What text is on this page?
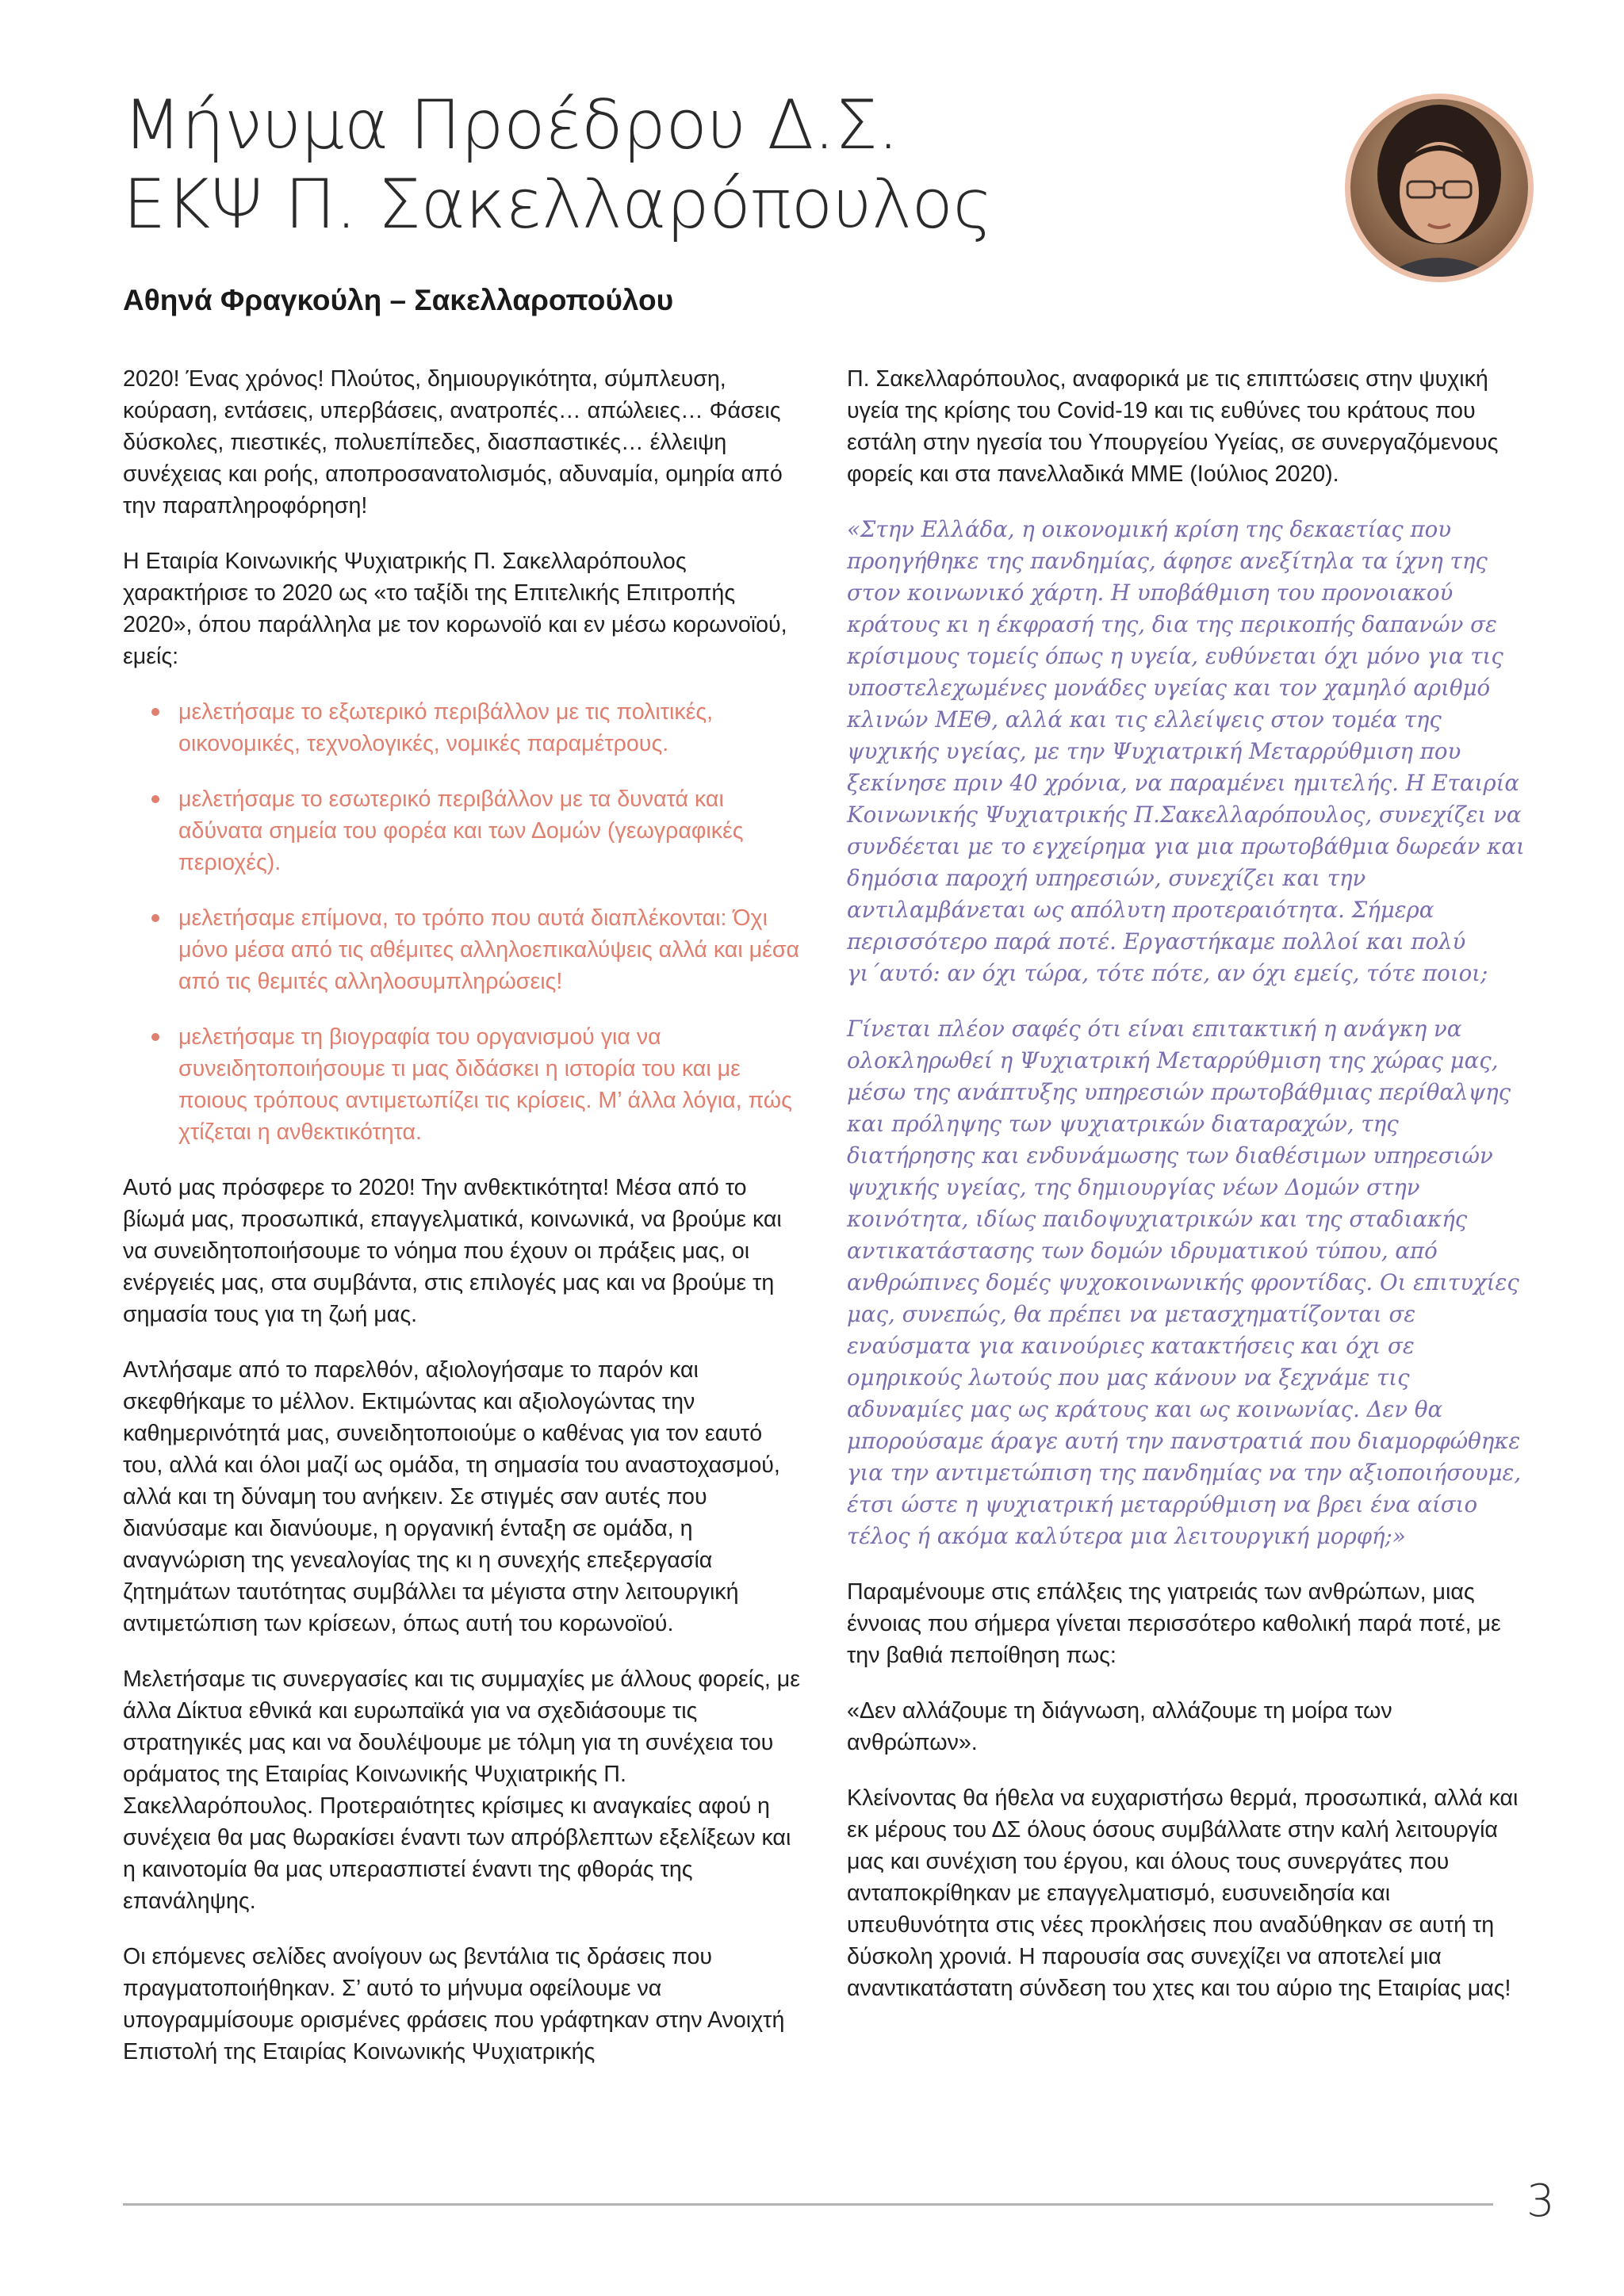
Μήνυμα Προέδρου Δ.Σ.
ΕΚΨ Π. Σακελλαρόπουλος
Αθηνά Φραγκούλη – Σακελλαροπούλου

2020! Ένας χρόνος! Πλούτος, δημιουργικότητα, σύμπλευση, κούραση, εντάσεις, υπερβάσεις, ανατροπές… απώλειες… Φάσεις δύσκολες, πιεστικές, πολυεπίπεδες, διασπαστικές… έλλειψη συνέχειας και ροής, αποπροσανατολισμός, αδυναμία, ομηρία από την παραπληροφόρηση!

Η Εταιρία Κοινωνικής Ψυχιατρικής Π. Σακελλαρόπουλος χαρακτήρισε το 2020 ως «το ταξίδι της Επιτελικής Επιτροπής 2020», όπου παράλληλα με τον κορωνοϊό και εν μέσω κορωνοϊού, εμείς:

μελετήσαμε το εξωτερικό περιβάλλον με τις πολιτικές, οικονομικές, τεχνολογικές, νομικές παραμέτρους.
μελετήσαμε το εσωτερικό περιβάλλον με τα δυνατά και αδύνατα σημεία του φορέα και των Δομών (γεωγραφικές περιοχές).
μελετήσαμε επίμονα, το τρόπο που αυτά διαπλέκονται: Όχι μόνο μέσα από τις αθέμιτες αλληλοεπικαλύψεις αλλά και μέσα από τις θεμιτές αλληλοσυμπληρώσεις!
μελετήσαμε τη βιογραφία του οργανισμού για να συνειδητοποιήσουμε τι μας διδάσκει η ιστορία του και με ποιους τρόπους αντιμετωπίζει τις κρίσεις. Μ’ άλλα λόγια, πώς χτίζεται η ανθεκτικότητα.

Αυτό μας πρόσφερε το 2020! Την ανθεκτικότητα! Μέσα από το βίωμά μας, προσωπικά, επαγγελματικά, κοινωνικά, να βρούμε και να συνειδητοποιήσουμε το νόημα που έχουν οι πράξεις μας, οι ενέργειές μας, στα συμβάντα, στις επιλογές μας και να βρούμε τη σημασία τους για τη ζωή μας.

Αντλήσαμε από το παρελθόν, αξιολογήσαμε το παρόν και σκεφθήκαμε το μέλλον. Εκτιμώντας και αξιολογώντας την καθημερινότητά μας, συνειδητοποιούμε ο καθένας για τον εαυτό του, αλλά και όλοι μαζί ως ομάδα, τη σημασία του αναστοχασμού, αλλά και τη δύναμη του ανήκειν. Σε στιγμές σαν αυτές που διανύσαμε και διανύουμε, η οργανική ένταξη σε ομάδα, η αναγνώριση της γενεαλογίας της κι η συνεχής επεξεργασία ζητημάτων ταυτότητας συμβάλλει τα μέγιστα στην λειτουργική αντιμετώπιση των κρίσεων, όπως αυτή του κορωνοϊού.

Μελετήσαμε τις συνεργασίες και τις συμμαχίες με άλλους φορείς, με άλλα Δίκτυα εθνικά και ευρωπαϊκά για να σχεδιάσουμε τις στρατηγικές μας και να δουλέψουμε με τόλμη για τη συνέχεια του οράματος της Εταιρίας Κοινωνικής Ψυχιατρικής Π. Σακελλαρόπουλος. Προτεραιότητες κρίσιμες κι αναγκαίες αφού η συνέχεια θα μας θωρακίσει έναντι των απρόβλεπτων εξελίξεων και η καινοτομία θα μας υπερασπιστεί έναντι της φθοράς της επανάληψης.

Οι επόμενες σελίδες ανοίγουν ως βεντάλια τις δράσεις που πραγματοποιήθηκαν. Σ’ αυτό το μήνυμα οφείλουμε να υπογραμμίσουμε ορισμένες φράσεις που γράφτηκαν στην Ανοιχτή Επιστολή της Εταιρίας Κοινωνικής Ψυχιατρικής

Π. Σακελλαρόπουλος, αναφορικά με τις επιπτώσεις στην ψυχική υγεία της κρίσης του Covid-19 και τις ευθύνες του κράτους που εστάλη στην ηγεσία του Υπουργείου Υγείας, σε συνεργαζόμενους φορείς και στα πανελλαδικά ΜΜΕ (Ιούλιος 2020).

«Στην Ελλάδα, η οικονομική κρίση της δεκαετίας που προηγήθηκε της πανδημίας, άφησε ανεξίτηλα τα ίχνη της στον κοινωνικό χάρτη. Η υποβάθμιση του προνοιακού κράτους κι η έκφρασή της, δια της περικοπής δαπανών σε κρίσιμους τομείς όπως η υγεία, ευθύνεται όχι μόνο για τις υποστελεχωμένες μονάδες υγείας και τον χαμηλό αριθμό κλινών ΜΕΘ, αλλά και τις ελλείψεις στον τομέα της ψυχικής υγείας, με την Ψυχιατρική Μεταρρύθμιση που ξεκίνησε πριν 40 χρόνια, να παραμένει ημιτελής. Η Εταιρία Κοινωνικής Ψυχιατρικής Π.Σακελλαρόπουλος, συνεχίζει να συνδέεται με το εγχείρημα για μια πρωτοβάθμια δωρεάν και δημόσια παροχή υπηρεσιών, συνεχίζει και την αντιλαμβάνεται ως απόλυτη προτεραιότητα. Σήμερα περισσότερο παρά ποτέ. Εργαστήκαμε πολλοί και πολύ γι΄αυτό: αν όχι τώρα, τότε πότε, αν όχι εμείς, τότε ποιοι;

Γίνεται πλέον σαφές ότι είναι επιτακτική η ανάγκη να ολοκληρωθεί η Ψυχιατρική Μεταρρύθμιση της χώρας μας, μέσω της ανάπτυξης υπηρεσιών πρωτοβάθμιας περίθαλψης και πρόληψης των ψυχιατρικών διαταραχών, της διατήρησης και ενδυνάμωσης των διαθέσιμων υπηρεσιών ψυχικής υγείας, της δημιουργίας νέων Δομών στην κοινότητα, ιδίως παιδοψυχιατρικών και της σταδιακής αντικατάστασης των δομών ιδρυματικού τύπου, από ανθρώπινες δομές ψυχοκοινωνικής φροντίδας. Οι επιτυχίες μας, συνεπώς, θα πρέπει να μετασχηματίζονται σε εναύσματα για καινούριες κατακτήσεις και όχι σε ομηρικούς λωτούς που μας κάνουν να ξεχνάμε τις αδυναμίες μας ως κράτους και ως κοινωνίας. Δεν θα μπορούσαμε άραγε αυτή την πανστρατιά που διαμορφώθηκε για την αντιμετώπιση της πανδημίας να την αξιοποιήσουμε, έτσι ώστε η ψυχιατρική μεταρρύθμιση να βρει ένα αίσιο τέλος ή ακόμα καλύτερα μια λειτουργική μορφή;»

Παραμένουμε στις επάλξεις της γιατρειάς των ανθρώπων, μιας έννοιας που σήμερα γίνεται περισσότερο καθολική παρά ποτέ, με την βαθιά πεποίθηση πως:

«Δεν αλλάζουμε τη διάγνωση, αλλάζουμε τη μοίρα των ανθρώπων».

Κλείνοντας θα ήθελα να ευχαριστήσω θερμά, προσωπικά, αλλά και εκ μέρους του ΔΣ όλους όσους συμβάλλατε στην καλή λειτουργία μας και συνέχιση του έργου, και όλους τους συνεργάτες που ανταποκρίθηκαν με επαγγελματισμό, ευσυνειδησία και υπευθυνότητα στις νέες προκλήσεις που αναδύθηκαν σε αυτή τη δύσκολη χρονιά. Η παρουσία σας συνεχίζει να αποτελεί μια αναντικατάστατη σύνδεση του χτες και του αύριο της Εταιρίας μας!

3
